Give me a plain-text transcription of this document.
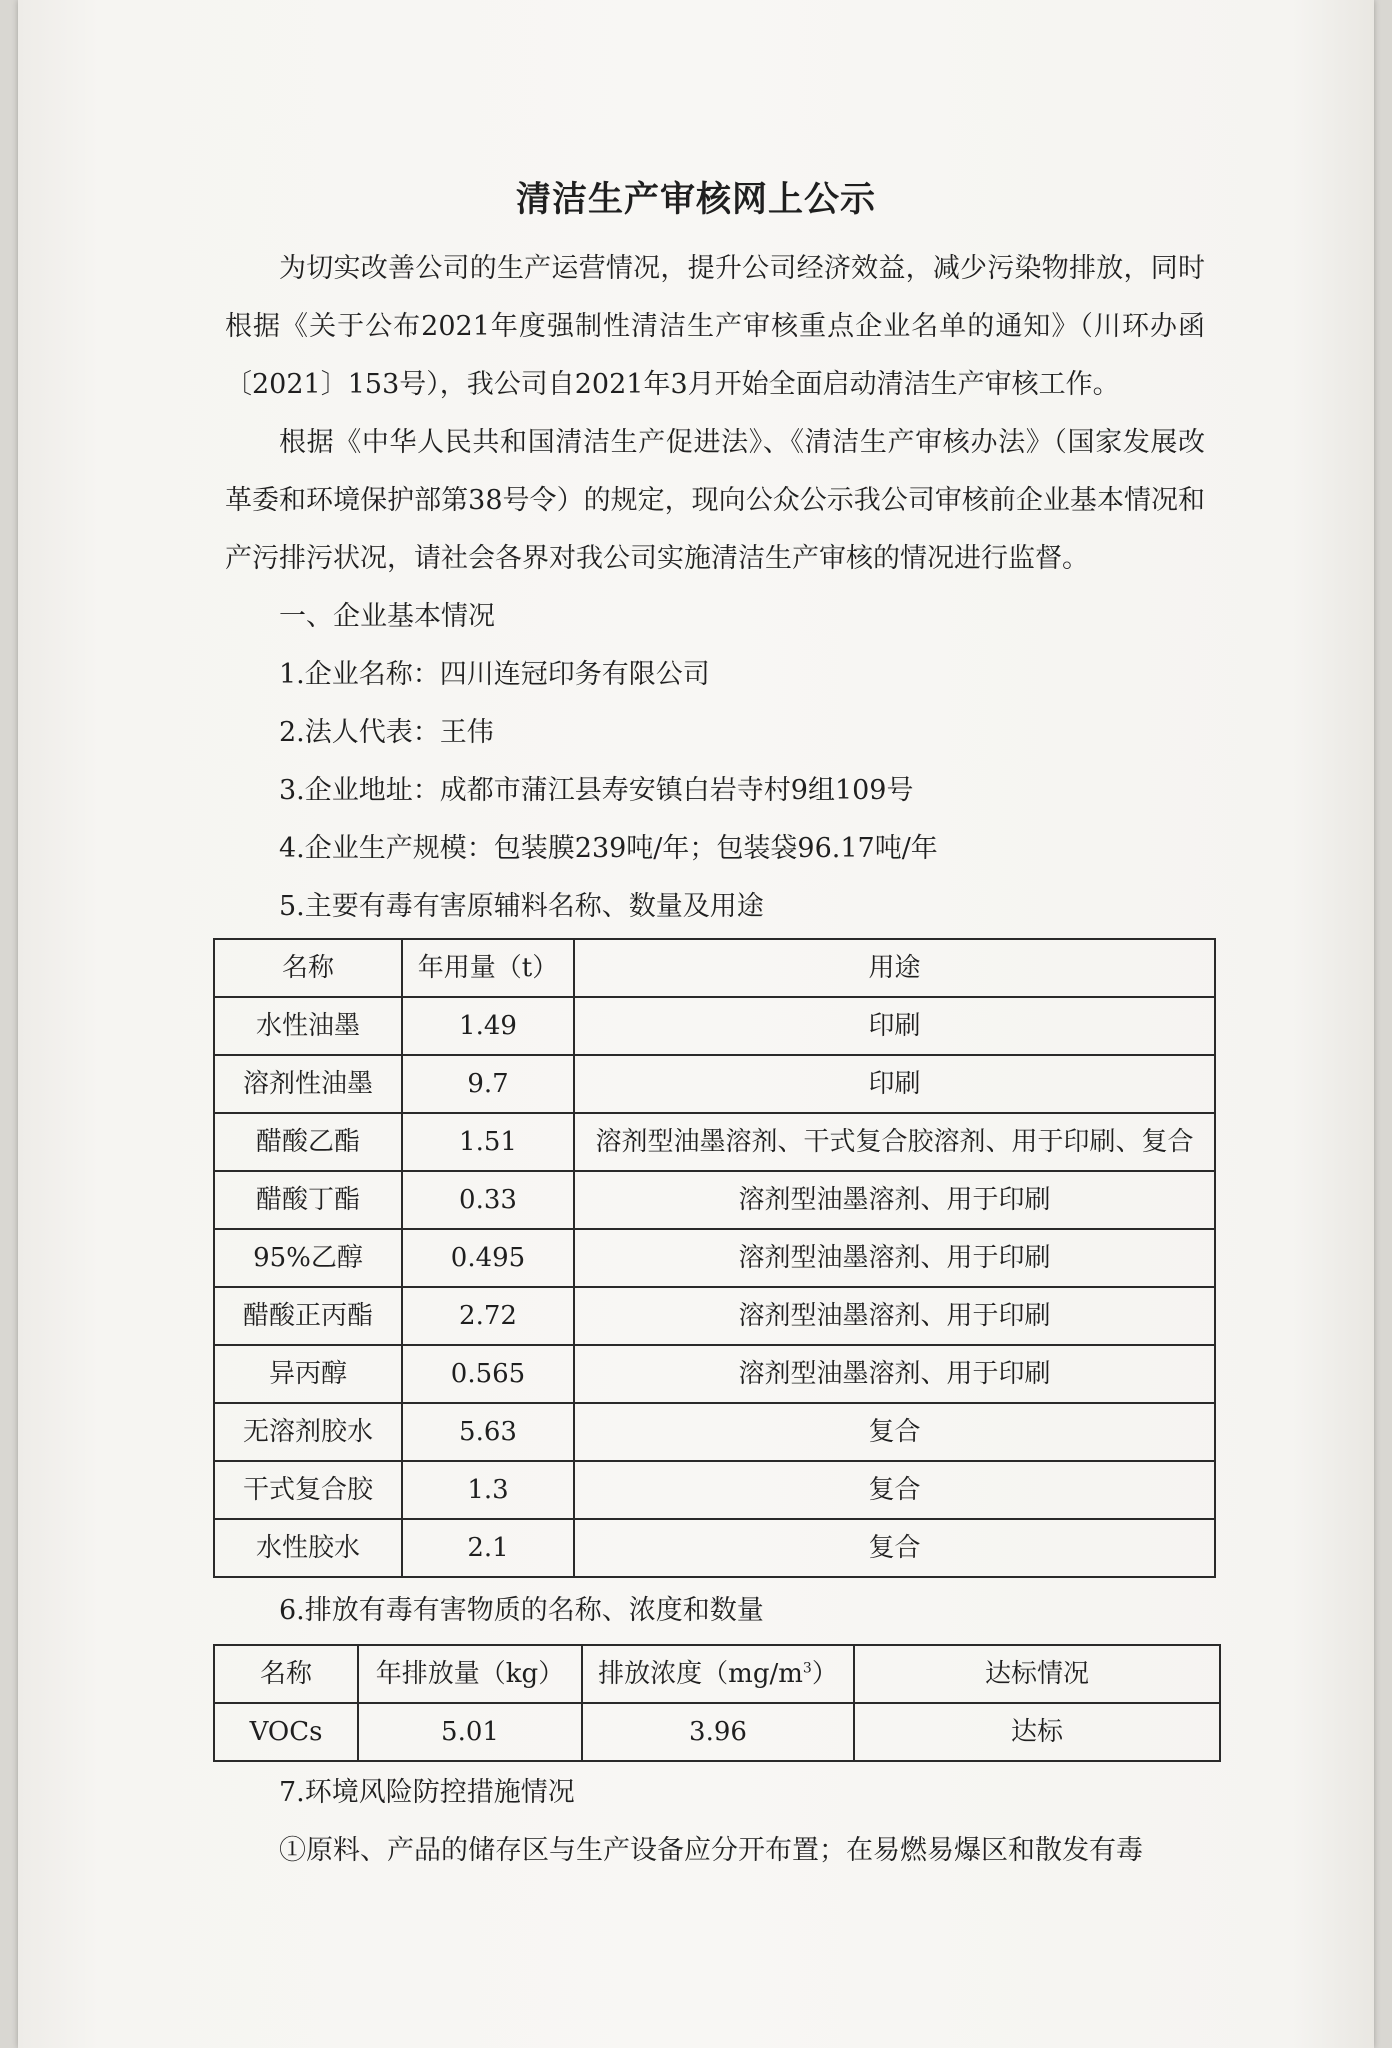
清洁生产审核网上公示

为切实改善公司的生产运营情况，提升公司经济效益，减少污染物排放，同时根据《关于公布2021年度强制性清洁生产审核重点企业名单的通知》（川环办函〔2021〕153号），我公司自2021年3月开始全面启动清洁生产审核工作。

根据《中华人民共和国清洁生产促进法》、《清洁生产审核办法》（国家发展改革委和环境保护部第38号令）的规定，现向公众公示我公司审核前企业基本情况和产污排污状况，请社会各界对我公司实施清洁生产审核的情况进行监督。

一、企业基本情况

1.企业名称：四川连冠印务有限公司

2.法人代表：王伟

3.企业地址：成都市蒲江县寿安镇白岩寺村9组109号

4.企业生产规模：包装膜239吨/年；包装袋96.17吨/年

5.主要有毒有害原辅料名称、数量及用途

名称	年用量（t）	用途
水性油墨	1.49	印刷
溶剂性油墨	9.7	印刷
醋酸乙酯	1.51	溶剂型油墨溶剂、干式复合胶溶剂、用于印刷、复合
醋酸丁酯	0.33	溶剂型油墨溶剂、用于印刷
95%乙醇	0.495	溶剂型油墨溶剂、用于印刷
醋酸正丙酯	2.72	溶剂型油墨溶剂、用于印刷
异丙醇	0.565	溶剂型油墨溶剂、用于印刷
无溶剂胶水	5.63	复合
干式复合胶	1.3	复合
水性胶水	2.1	复合

6.排放有毒有害物质的名称、浓度和数量

名称	年排放量（kg）	排放浓度$(mg/m^3)$	达标情况
VOCs	5.01	3.96	达标

7.环境风险防控措施情况

①原料、产品的储存区与生产设备应分开布置；在易燃易爆区和散发有毒
